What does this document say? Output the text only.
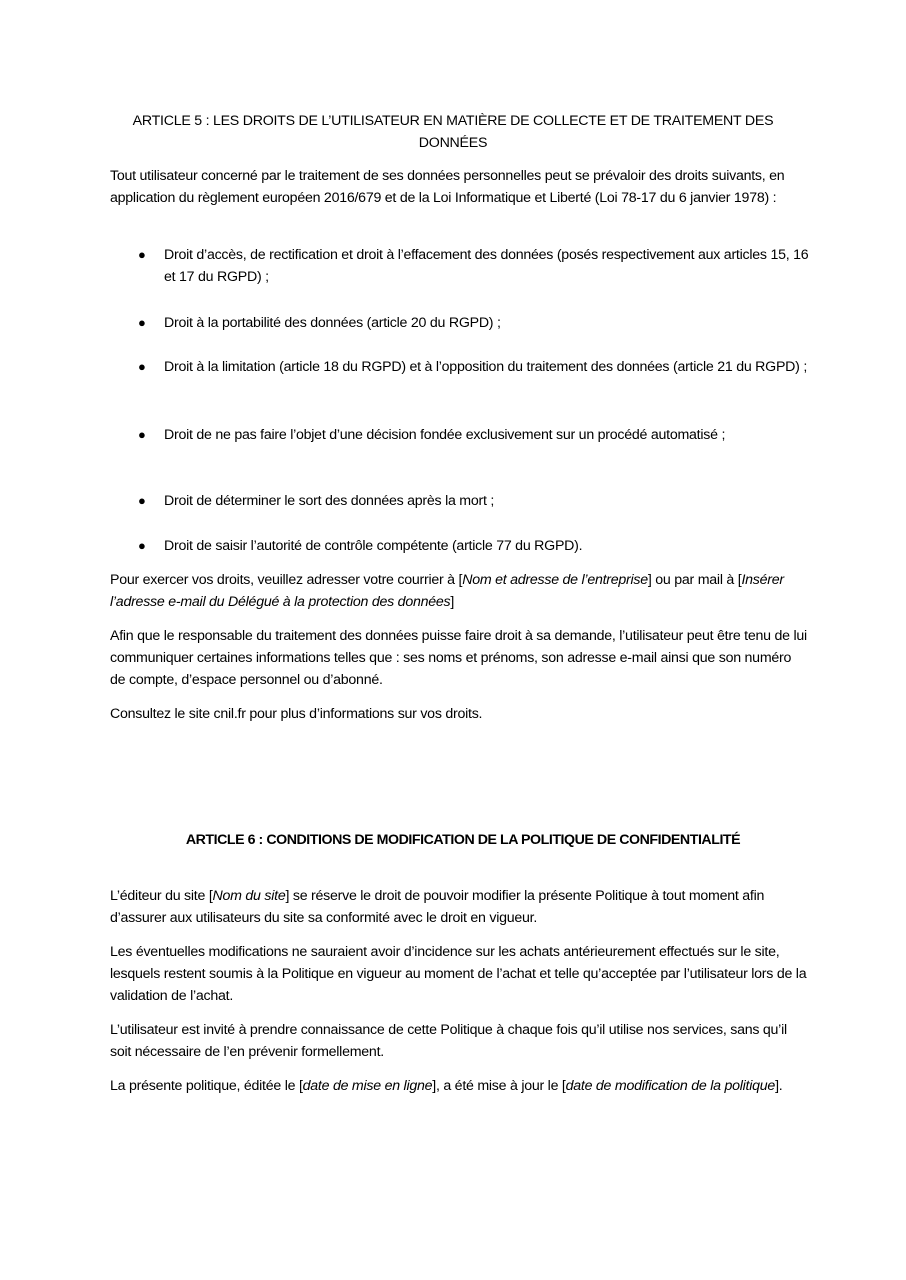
ARTICLE 5 : LES DROITS DE L’UTILISATEUR EN MATIÈRE DE COLLECTE ET DE TRAITEMENT DES DONNÉES

Tout utilisateur concerné par le traitement de ses données personnelles peut se prévaloir des droits suivants, en application du règlement européen 2016/679 et de la Loi Informatique et Liberté (Loi 78-17 du 6 janvier 1978) :

● Droit d’accès, de rectification et droit à l’effacement des données (posés respectivement aux articles 15, 16 et 17 du RGPD) ;
● Droit à la portabilité des données (article 20 du RGPD) ;
● Droit à la limitation (article 18 du RGPD) et à l’opposition du traitement des données (article 21 du RGPD) ;
● Droit de ne pas faire l’objet d’une décision fondée exclusivement sur un procédé automatisé ;
● Droit de déterminer le sort des données après la mort ;
● Droit de saisir l’autorité de contrôle compétente (article 77 du RGPD).

Pour exercer vos droits, veuillez adresser votre courrier à [Nom et adresse de l’entreprise] ou par mail à [Insérer l’adresse e-mail du Délégué à la protection des données]

Afin que le responsable du traitement des données puisse faire droit à sa demande, l’utilisateur peut être tenu de lui communiquer certaines informations telles que : ses noms et prénoms, son adresse e-mail ainsi que son numéro de compte, d’espace personnel ou d’abonné.

Consultez le site cnil.fr pour plus d’informations sur vos droits.

ARTICLE 6 : CONDITIONS DE MODIFICATION DE LA POLITIQUE DE CONFIDENTIALITÉ

L’éditeur du site [Nom du site] se réserve le droit de pouvoir modifier la présente Politique à tout moment afin d’assurer aux utilisateurs du site sa conformité avec le droit en vigueur.

Les éventuelles modifications ne sauraient avoir d’incidence sur les achats antérieurement effectués sur le site, lesquels restent soumis à la Politique en vigueur au moment de l’achat et telle qu’acceptée par l’utilisateur lors de la validation de l’achat.

L’utilisateur est invité à prendre connaissance de cette Politique à chaque fois qu’il utilise nos services, sans qu’il soit nécessaire de l’en prévenir formellement.

La présente politique, éditée le [date de mise en ligne], a été mise à jour le [date de modification de la politique].
